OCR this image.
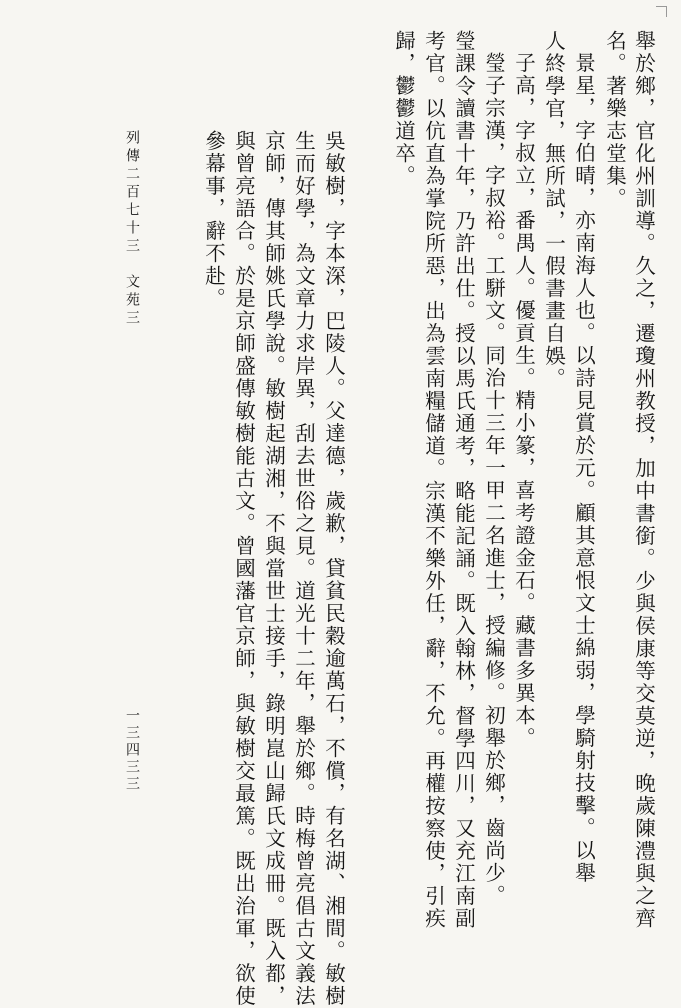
舉於鄉，官化州訓導。久之，遷瓊州教授，加中書銜。少與侯康等交莫逆，晚歲陳澧與之齊
名。著樂志堂集。
景星，字伯晴，亦南海人也。以詩見賞於元。顧其意恨文士綿弱，學騎射技擊。以舉
人終學官，無所試，一假書畫自娛。
子高，字叔立，番禺人。優貢生。精小篆，喜考證金石。藏書多異本。
瑩子宗漢，字叔裕。工駢文。同治十三年一甲二名進士，授編修。初舉於鄉，齒尚少。
瑩課令讀書十年，乃許出仕。授以馬氏通考，略能記誦。既入翰林，督學四川，又充江南副
考官。以伉直為掌院所惡，出為雲南糧儲道。宗漢不樂外任，辭，不允。再權按察使，引疾
歸，鬱鬱道卒。
吳敏樹，字本深，巴陵人。父達德，歲歉，貸貧民穀逾萬石，不償，有名湖、湘間。敏樹
生而好學，為文章力求岸異，刮去世俗之見。道光十二年，舉於鄉。時梅曾亮倡古文義法
京師，傳其師姚氏學說。敏樹起湖湘，不與當世士接手，錄明崑山歸氏文成冊。既入都，
與曾亮語合。於是京師盛傳敏樹能古文。曾國藩官京師，與敏樹交最篤。既出治軍，欲使
參幕事，辭不赴。
列傳二百七十三　文苑三
一三四三三
